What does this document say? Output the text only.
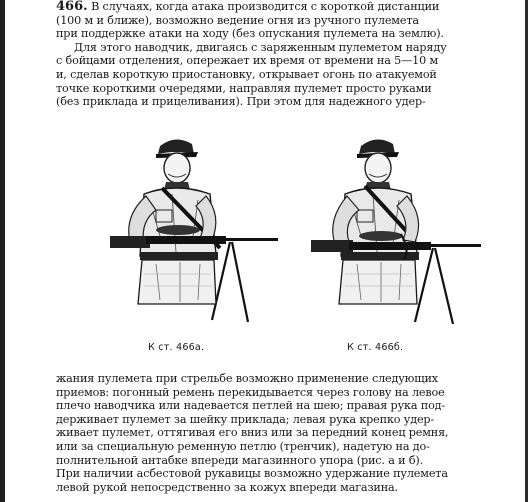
466. В случаях, когда атака производится с короткой дистанции

(100 м и ближе), возможно ведение огня из ручного пулемета

при поддержке атаки на ходу (без опускания пулемета на землю).

Для этого наводчик, двигаясь с заряженным пулеметом наряду

с бойцами отделения, опережает их время от времени на 5—10 м

и, сделав короткую приостановку, открывает огонь по атакуемой

точке короткими очередями, направляя пулемет просто руками

(без приклада и прицеливания). При этом для надежного удер-

К ст. 466а.	К ст. 466б.

жания пулемета при стрельбе возможно применение следующих

приемов: погонный ремень перекидывается через голову на левое

плечо наводчика или надевается петлей на шею; правая рука под-

держивает пулемет за шейку приклада; левая рука крепко удер-

живает пулемет, оттягивая его вниз или за передний конец ремня,

или за специальную ременную петлю (тренчик), надетую на до-

полнительной антабке впереди магазинного упора (рис. а и б).

При наличии асбестовой рукавицы возможно удержание пулемета

левой рукой непосредственно за кожух впереди магазина.
